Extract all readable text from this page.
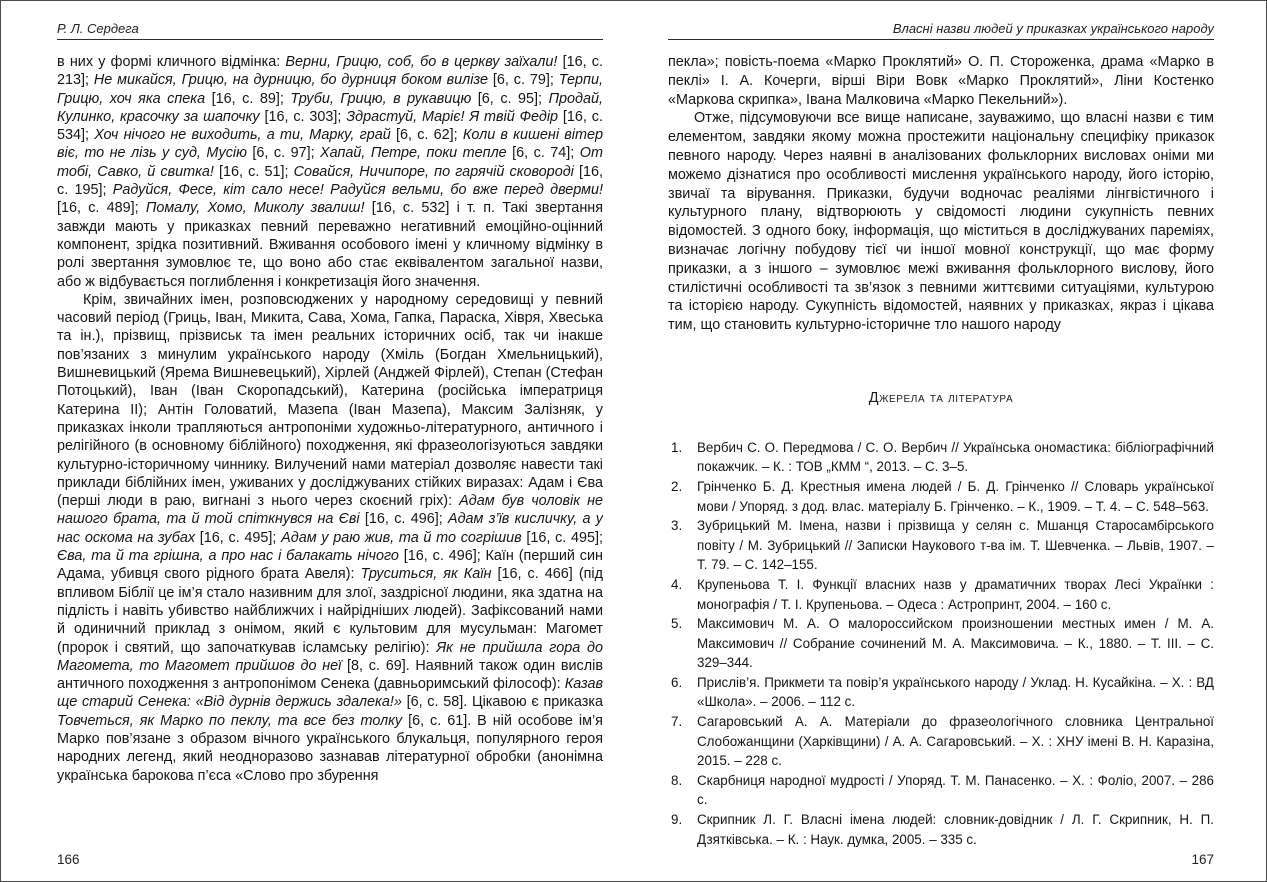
Р. Л. Сердега

в них у формі кличного відмінка: Верни, Грицю, соб, бо в церкву заїхали! [16, с. 213]; Не микайся, Грицю, на дурницю, бо дурниця боком вилізе [6, с. 79]; Терпи, Грицю, хоч яка спека [16, с. 89]; Труби, Грицю, в рукавицю [6, с. 95]; Продай, Кулинко, красочку за шапочку [16, с. 303]; Здрастуй, Маріє! Я твій Федір [16, с. 534]; Хоч нічого не виходить, а ти, Марку, грай [6, с. 62]; Коли в кишені вітер віє, то не лізь у суд, Мусію [6, с. 97]; Хапай, Петре, поки тепле [6, с. 74]; От тобі, Савко, й свитка! [16, с. 51]; Совайся, Ничипоре, по гарячій сковороді [16, с. 195]; Радуйся, Фесе, кіт сало несе! Радуйся вельми, бо вже перед дверми! [16, с. 489]; Помалу, Хомо, Миколу звалиш! [16, с. 532] і т. п. Такі звертання завжди мають у приказках певний переважно негативний емоційно-оцінний компонент, зрідка позитивний. Вживання особового імені у кличному відмінку в ролі звертання зумовлює те, що воно або стає еквівалентом загальної назви, або ж відбувається поглиблення і конкретизація його значення.

Крім, звичайних імен, розповсюджених у народному середовищі у певний часовий період (Гриць, Іван, Микита, Сава, Хома, Гапка, Параска, Хівря, Хвеська та ін.), прізвищ, прізвиськ та імен реальних історичних осіб, так чи інакше пов’язаних з минулим українського народу (Хміль (Богдан Хмельницький), Вишневицький (Ярема Вишневецький), Хірлей (Анджей Фірлей), Степан (Стефан Потоцький), Іван (Іван Скоропадський), Катерина (російська імператриця Катерина II); Антін Головатий, Мазепа (Іван Мазепа), Максим Залізняк, у приказках інколи трапляються антропоніми художньо-літературного, античного і релігійного (в основному біблійного) походження, які фразеологізуються завдяки культурно-історичному чиннику. Вилучений нами матеріал дозволяє навести такі приклади біблійних імен, уживаних у досліджуваних стійких виразах: Адам і Єва (перші люди в раю, вигнані з нього через скоєний гріх): Адам був чоловік не нашого брата, та й той спіткнувся на Єві [16, с. 496]; Адам з’їв кисличку, а у нас оскома на зубах [16, с. 495]; Адам у раю жив, та й то согрішив [16, с. 495]; Єва, та й та грішна, а про нас і балакать нічого [16, с. 496]; Каїн (перший син Адама, убивця свого рідного брата Авеля): Труситься, як Каїн [16, с. 466] (під впливом Біблії це ім’я стало називним для злої, заздрісної людини, яка здатна на підлість і навіть убивство найближчих і найрідніших людей). Зафіксований нами й одиничний приклад з онімом, який є культовим для мусульман: Магомет (пророк і святий, що започаткував ісламську релігію): Як не прийшла гора до Магомета, то Магомет прийшов до неї [8, с. 69]. Наявний також один вислів античного походження з антропонімом Сенека (давньоримський філософ): Казав ще старий Сенека: «Від дурнів держись здалека!» [6, с. 58]. Цікавою є приказка Товчеться, як Марко по пеклу, та все без толку [6, с. 61]. В ній особове ім’я Марко пов’язане з образом вічного українського блукальця, популярного героя народних легенд, який неодноразово зазнавав літературної обробки (анонімна українська барокова п’єса «Слово про збурення

166
Власні назви людей у приказках українського народу

пекла»; повість-поема «Марко Проклятий» О. П. Стороженка, драма «Марко в пеклі» І. А. Кочерги, вірші Віри Вовк «Марко Проклятий», Ліни Костенко «Маркова скрипка», Івана Малковича «Марко Пекельний»).

Отже, підсумовуючи все вище написане, зауважимо, що власні назви є тим елементом, завдяки якому можна простежити національну специфіку приказок певного народу. Через наявні в аналізованих фольклорних висловах оніми ми можемо дізнатися про особливості мислення українського народу, його історію, звичаї та вірування. Приказки, будучи водночас реаліями лінгвістичного і культурного плану, відтворюють у свідомості людини сукупність певних відомостей. З одного боку, інформація, що міститься в досліджуваних пареміях, визначає логічну побудову тієї чи іншої мовної конструкції, що має форму приказки, а з іншого – зумовлює межі вживання фольклорного вислову, його стилістичні особливості та зв’язок з певними життєвими ситуаціями, культурою та історією народу. Сукупність відомостей, наявних у приказках, якраз і цікава тим, що становить культурно-історичне тло нашого народу

Джерела та література
1.	Вербич С. О. Передмова / С. О. Вербич // Українська ономастика: бібліографічний покажчик. – К. : ТОВ „КММ “, 2013. – С. 3–5.
2.	Грінченко Б. Д. Крестныя имена людей / Б. Д. Грінченко // Словарь української мови / Упоряд. з дод. влас. матеріалу Б. Грінченко. – К., 1909. – Т. 4. – С. 548–563.
3.	Зубрицький М. Імена, назви і прізвища у селян с. Мшанця Старосамбірського повіту / М. Зубрицький // Записки Наукового т-ва ім. Т. Шевченка. – Львів, 1907. – Т. 79. – С. 142–155.
4.	Крупеньова Т. І. Функції власних назв у драматичних творах Лесі Українки : монографія / Т. І. Крупеньова. – Одеса : Астропринт, 2004. – 160 с.
5.	Максимович М. А. О малороссийском произношении местных имен / М. А. Максимович // Собрание сочинений М. А. Максимовича. – К., 1880. – Т. ІІІ. – С. 329–344.
6.	Прислів’я. Прикмети та повір’я українського народу / Уклад. Н. Кусайкіна. – Х. : ВД «Школа». – 2006. – 112 с.
7.	Сагаровський А. А. Матеріали до фразеологічного словника Центральної Слобожанщини (Харківщини) / А. А. Сагаровський. – Х. : ХНУ імені В. Н. Каразіна, 2015. – 228 с.
8.	Скарбниця народної мудрості / Упоряд. Т. М. Панасенко. – Х. : Фоліо, 2007. – 286 с.
9.	Скрипник Л. Г. Власні імена людей: словник-довідник / Л. Г. Скрипник, Н. П. Дзятківська. – К. : Наук. думка, 2005. – 335 с.
167
